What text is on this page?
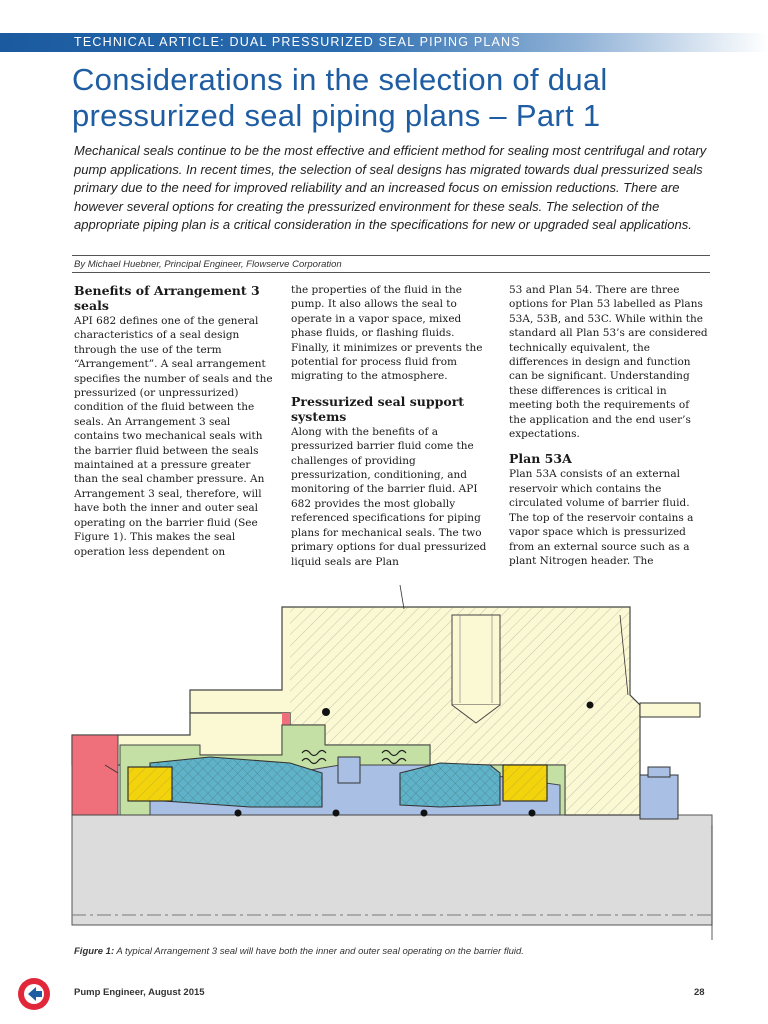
TECHNICAL ARTICLE: DUAL PRESSURIZED SEAL PIPING PLANS
Considerations in the selection of dual pressurized seal piping plans – Part 1

Mechanical seals continue to be the most effective and efficient method for sealing most centrifugal and rotary pump applications. In recent times, the selection of seal designs has migrated towards dual pressurized seals primary due to the need for improved reliability and an increased focus on emission reductions. There are however several options for creating the pressurized environment for these seals. The selection of the appropriate piping plan is a critical consideration in the specifications for new or upgraded seal applications.

By Michael Huebner, Principal Engineer, Flowserve Corporation
Benefits of Arrangement 3 seals

API 682 defines one of the general characteristics of a seal design through the use of the term “Arrangement”. A seal arrangement specifies the number of seals and the pressurized (or unpressurized) condition of the fluid between the seals. An Arrangement 3 seal contains two mechanical seals with the barrier fluid between the seals maintained at a pressure greater than the seal chamber pressure. An Arrangement 3 seal, therefore, will have both the inner and outer seal operating on the barrier fluid (See Figure 1). This makes the seal operation less dependent on

the properties of the fluid in the pump. It also allows the seal to operate in a vapor space, mixed phase fluids, or flashing fluids. Finally, it minimizes or prevents the potential for process fluid from migrating to the atmosphere.

Pressurized seal support systems

Along with the benefits of a pressurized barrier fluid come the challenges of providing pressurization, conditioning, and monitoring of the barrier fluid. API 682 provides the most globally referenced specifications for piping plans for mechanical seals. The two primary options for dual pressurized liquid seals are Plan

53 and Plan 54. There are three options for Plan 53 labelled as Plans 53A, 53B, and 53C. While within the standard all Plan 53’s are considered technically equivalent, the differences in design and function can be significant. Understanding these differences is critical in meeting both the requirements of the application and the end user’s expectations.

Plan 53A

Plan 53A consists of an external reservoir which contains the circulated volume of barrier fluid. The top of the reservoir contains a vapor space which is pressurized from an external source such as a plant Nitrogen header. The

Figure 1: A typical Arrangement 3 seal will have both the inner and outer seal operating on the barrier fluid.
Pump Engineer, August 2015	28
